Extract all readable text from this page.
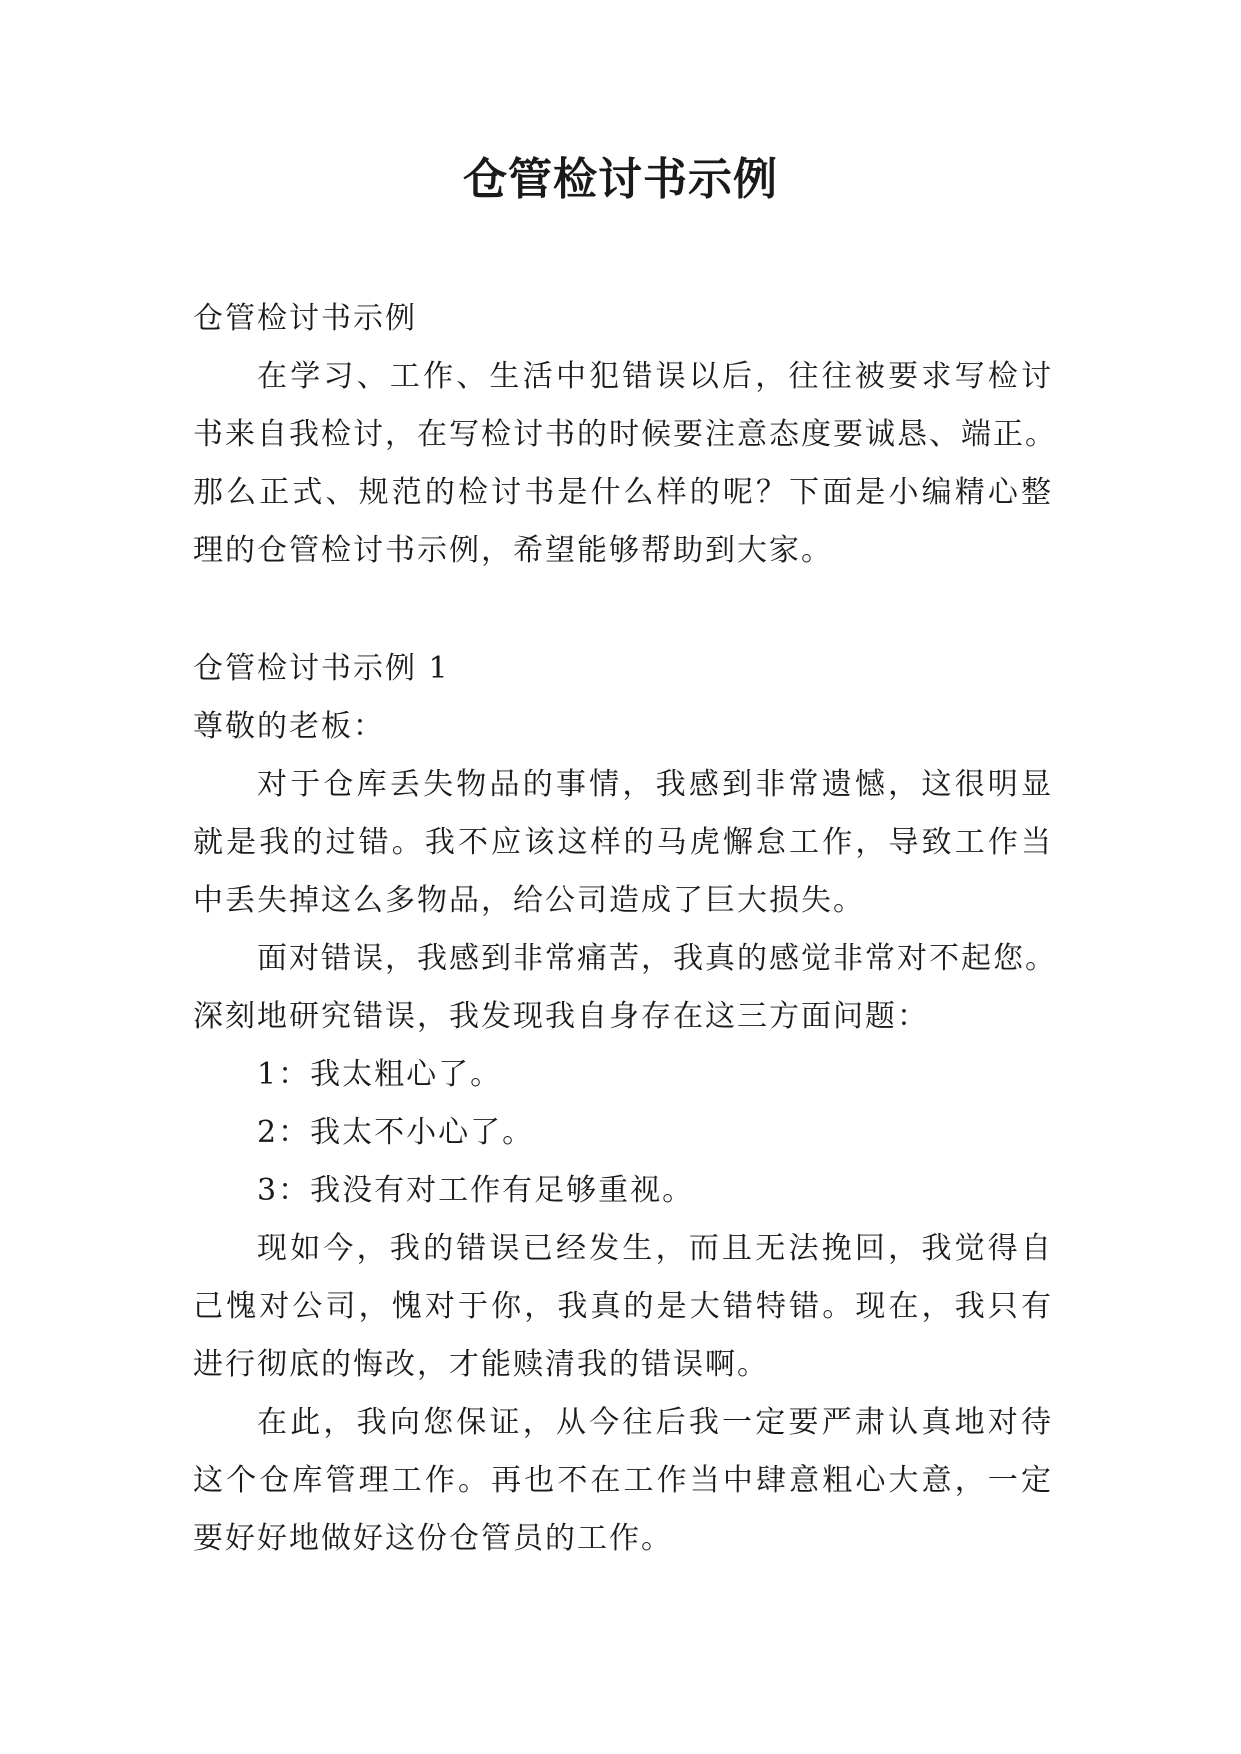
仓管检讨书示例
仓管检讨书示例
在学习、工作、生活中犯错误以后，往往被要求写检讨
书来自我检讨，在写检讨书的时候要注意态度要诚恳、端正。
那么正式、规范的检讨书是什么样的呢？下面是小编精心整
理的仓管检讨书示例，希望能够帮助到大家。
仓管检讨书示例 1
尊敬的老板：
对于仓库丢失物品的事情，我感到非常遗憾，这很明显
就是我的过错。我不应该这样的马虎懈怠工作，导致工作当
中丢失掉这么多物品，给公司造成了巨大损失。
面对错误，我感到非常痛苦，我真的感觉非常对不起您。
深刻地研究错误，我发现我自身存在这三方面问题：
1：我太粗心了。
2：我太不小心了。
3：我没有对工作有足够重视。
现如今，我的错误已经发生，而且无法挽回，我觉得自
己愧对公司，愧对于你，我真的是大错特错。现在，我只有
进行彻底的悔改，才能赎清我的错误啊。
在此，我向您保证，从今往后我一定要严肃认真地对待
这个仓库管理工作。再也不在工作当中肆意粗心大意，一定
要好好地做好这份仓管员的工作。
